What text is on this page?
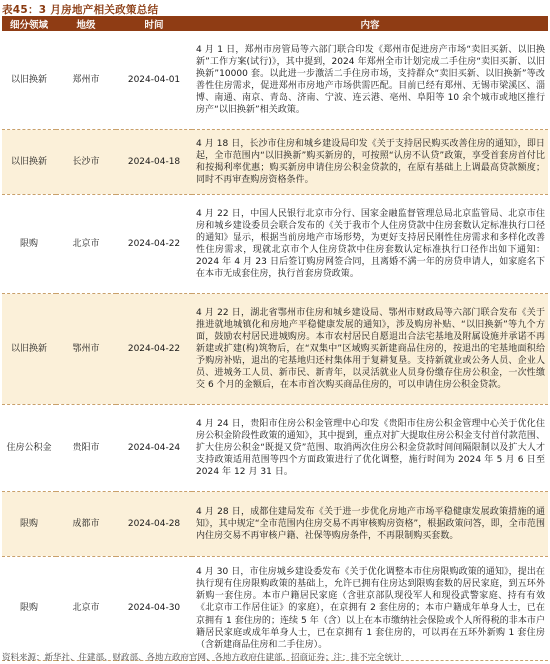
表45：3 月房地产相关政策总结
细分领域	地级	时间	内容
以旧换新	郑州市	2024-04-01	4 月 1 日，郑州市房管局等六部门联合印发《郑州市促进房产市场“卖旧买新、以旧换新”工作方案(试行)》，其中提到，2024 年郑州全市计划完成二手住房“卖旧买新、以旧换新”10000 套。以此进一步激活二手住房市场，支持群众“卖旧买新、以旧换新”等改善性住房需求，促进郑州市房地产市场供需匹配。目前已经有郑州、无锡市梁溪区、淄博、南通、南京、青岛、济南、宁波、连云港、亳州、阜阳等 10 余个城市或地区推行房产“以旧换新”相关政策。
以旧换新	长沙市	2024-04-18	4 月 18 日，长沙市住房和城乡建设局印发《关于支持居民购买改善住房的通知》，即日起，全市范围内“以旧换新”购买新房的，可按照“认房不认贷”政策，享受首套房首付比和按揭利率优惠；购买新房申请住房公积金贷款的，在原有基础上上调最高贷款额度；同时不再审查购房资格条件。
限购	北京市	2024-04-22	4 月 22 日，中国人民银行北京市分行、国家金融监督管理总局北京监管局、北京市住房和城乡建设委员会联合发布的《关于我市个人住房贷款中住房套数认定标准执行口径的通知》显示，根据当前房地产市场形势，为更好支持居民刚性住房需求和多样化改善性住房需求，现就北京市个人住房贷款中住房套数认定标准执行口径作出如下通知：2024 年 4 月 23 日后签订购房网签合同，且离婚不满一年的房贷申请人，如家庭名下在本市无成套住房，执行首套房贷政策。
以旧换新	鄂州市	2024-04-22	4 月 22 日，湖北省鄂州市住房和城乡建设局、鄂州市财政局等六部门联合发布《关于推进就地城镇化和房地产平稳健康发展的通知》，涉及购房补贴、“以旧换新”等九个方面，鼓励农村居民进城购房。本市农村居民自愿退出合法宅基地及附属设施并承诺不再新建或扩建(构)筑物后，在“双集中”区域购买新建商品住房的，按退出的宅基地面积给予购房补贴，退出的宅基地归还村集体用于复耕复垦。支持新就业或公务人员、企业人员、进城务工人员、新市民、新青年，以灵活就业人员身份缴存住房公积金，一次性缴交 6 个月的金额后，在本市首次购买商品住房的，可以申请住房公积金贷款。
住房公积金	贵阳市	2024-04-24	4 月 24 日，贵阳市住房公积金管理中心印发《贵阳市住房公积金管理中心关于优化住房公积金阶段性政策的通知》，其中提到，重点对扩大提取住房公积金支付首付款范围、扩大住房公积金“既提又贷”范围、取消两次住房公积金贷款时间间隔限制以及扩大人才支持政策适用范围等四个方面政策进行了优化调整，施行时间为 2024 年 5 月 6 日至 2024 年 12 月 31 日。
限购	成都市	2024-04-28	4 月 28 日，成都住建局发布《关于进一步优化房地产市场平稳健康发展政策措施的通知》，其中规定“全市范围内住房交易不再审核购房资格”，根据政策问答，即，全市范围内住房交易不再审核户籍、社保等购房条件，不再限制购买套数。
限购	北京市	2024-04-30	4 月 30 日，市住房城乡建设委发布《关于优化调整本市住房限购政策的通知》，提出在执行现有住房限购政策的基础上，允许已拥有住房达到限购套数的居民家庭，到五环外新购一套住房。本市户籍居民家庭（含驻京部队现役军人和现役武警家庭、持有有效《北京市工作居住证》的家庭），在京拥有 2 套住房的；本市户籍成年单身人士，已在京拥有 1 套住房的；连续 5 年（含）以上在本市缴纳社会保险或个人所得税的非本市户籍居民家庭或成年单身人士，已在京拥有 1 套住房的，可以再在五环外新购 1 套住房（含新建商品住房和二手住房）。
资料来源：新华社、住建部、财政部、各地方政府官网、各地方政府住建部、招商证券；注：排不完全统计
